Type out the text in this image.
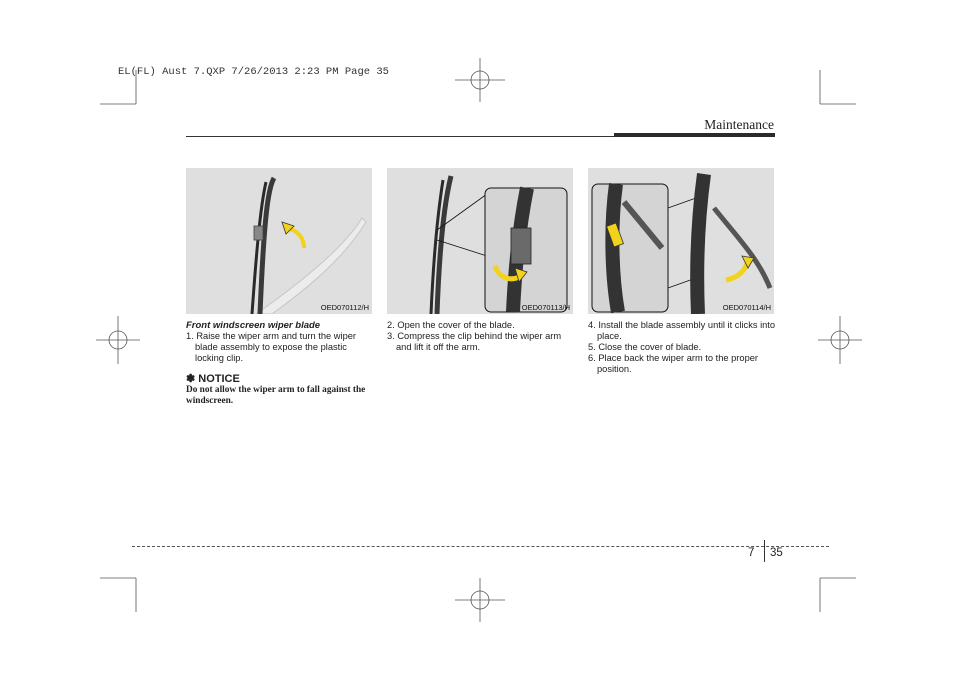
EL(FL) Aust 7.QXP 7/26/2013 2:23 PM Page 35
Maintenance
OED070112/H	OED070113/H	OED070114/H
Front windscreen wiper blade
1. Raise the wiper arm and turn the wiper blade assembly to expose the plastic locking clip.
✽ NOTICE
Do not allow the wiper arm to fall against the windscreen.
2. Open the cover of the blade.
3. Compress the clip behind the wiper arm and lift it off the arm.
4. Install the blade assembly until it clicks into place.
5. Close the cover of blade.
6. Place back the wiper arm to the proper position.
7 35
